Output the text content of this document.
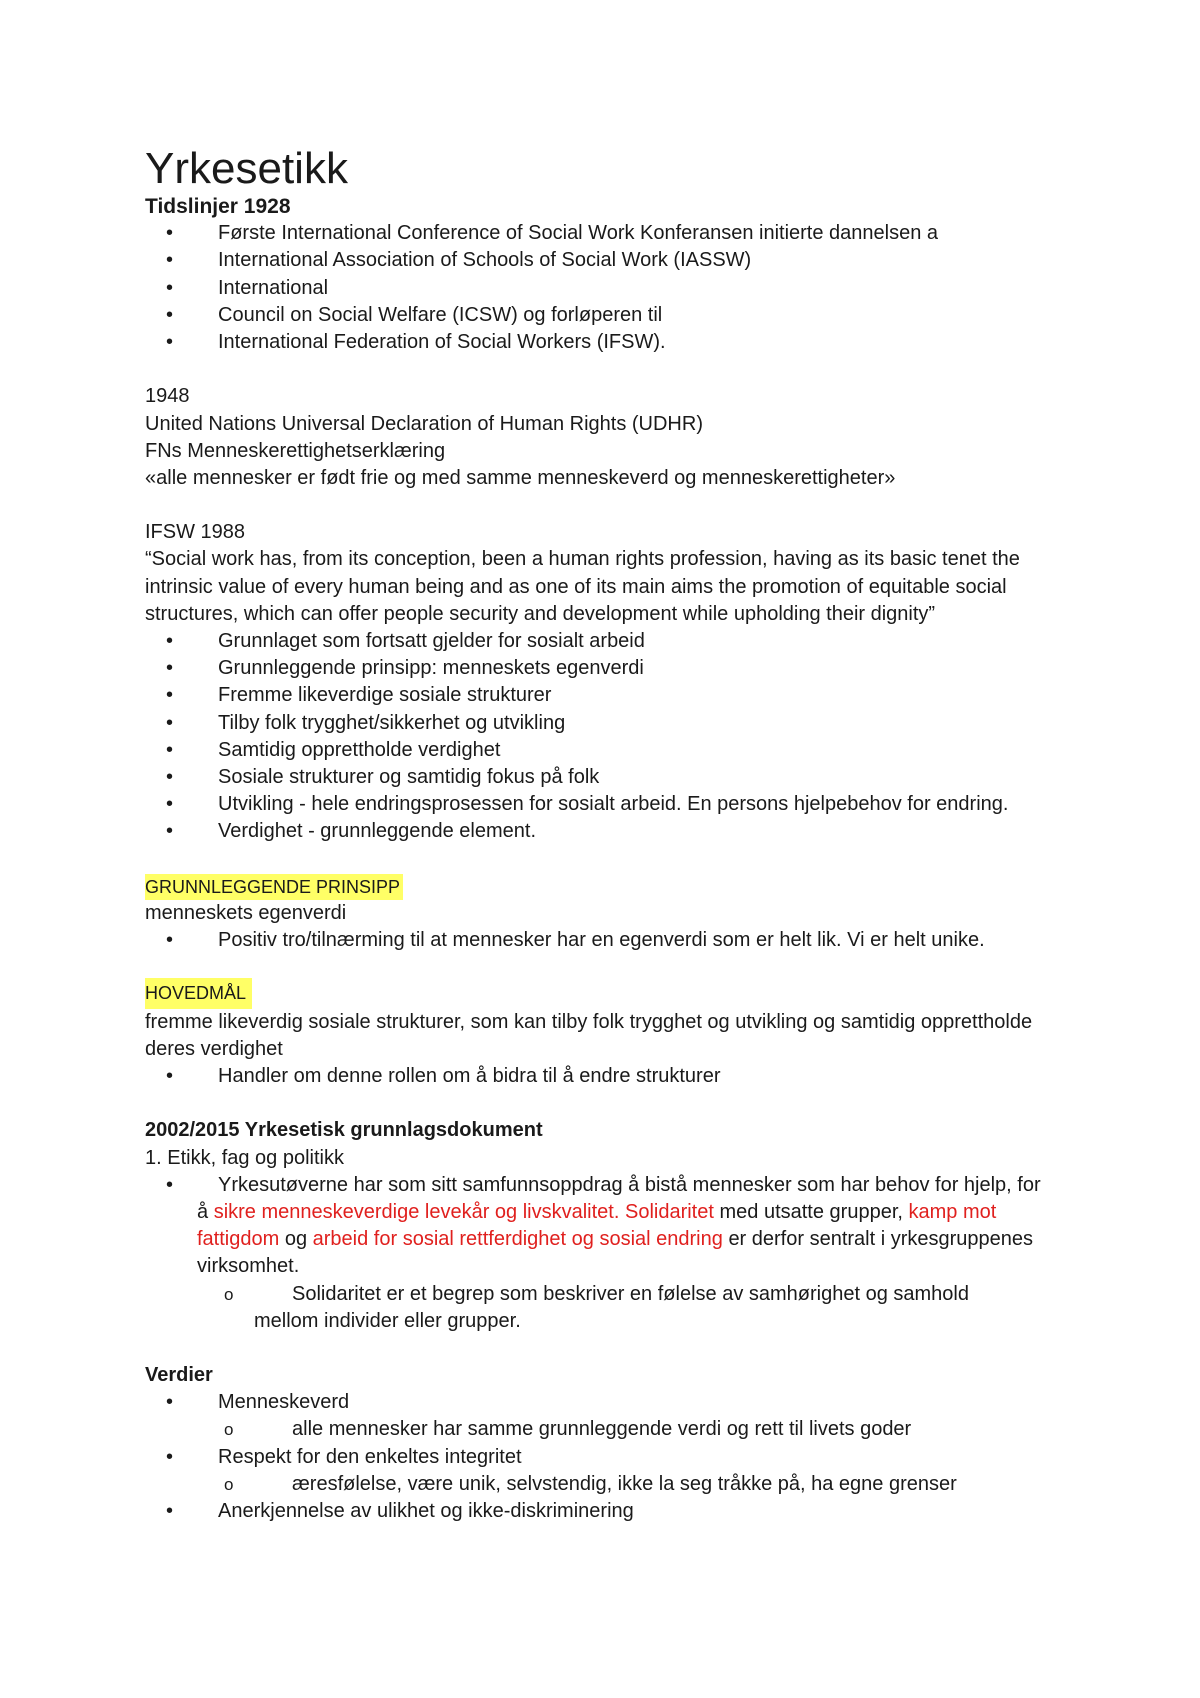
Yrkesetikk
Tidslinjer 1928
• Første International Conference of Social Work Konferansen initierte dannelsen a
• International Association of Schools of Social Work (IASSW)
• International
• Council on Social Welfare (ICSW) og forløperen til
• International Federation of Social Workers (IFSW).
1948
United Nations Universal Declaration of Human Rights (UDHR)
FNs Menneskerettighetserklæring
«alle mennesker er født frie og med samme menneskeverd og menneskerettigheter»
IFSW 1988
“Social work has, from its conception, been a human rights profession, having as its basic tenet the
intrinsic value of every human being and as one of its main aims the promotion of equitable social
structures, which can offer people security and development while upholding their dignity”
• Grunnlaget som fortsatt gjelder for sosialt arbeid
• Grunnleggende prinsipp: menneskets egenverdi
• Fremme likeverdige sosiale strukturer
• Tilby folk trygghet/sikkerhet og utvikling
• Samtidig opprettholde verdighet
• Sosiale strukturer og samtidig fokus på folk
• Utvikling - hele endringsprosessen for sosialt arbeid. En persons hjelpebehov for endring.
• Verdighet - grunnleggende element.
GRUNNLEGGENDE PRINSIPP
menneskets egenverdi
• Positiv tro/tilnærming til at mennesker har en egenverdi som er helt lik. Vi er helt unike.
HOVEDMÅL
fremme likeverdig sosiale strukturer, som kan tilby folk trygghet og utvikling og samtidig opprettholde
deres verdighet
• Handler om denne rollen om å bidra til å endre strukturer
2002/2015 Yrkesetisk grunnlagsdokument
1. Etikk, fag og politikk
• Yrkesutøverne har som sitt samfunnsoppdrag å bistå mennesker som har behov for hjelp, for
å sikre menneskeverdige levekår og livskvalitet. Solidaritet med utsatte grupper, kamp mot
fattigdom og arbeid for sosial rettferdighet og sosial endring er derfor sentralt i yrkesgruppenes
virksomhet.
o	Solidaritet er et begrep som beskriver en følelse av samhørighet og samhold
mellom individer eller grupper.
Verdier
• Menneskeverd
o	alle mennesker har samme grunnleggende verdi og rett til livets goder
• Respekt for den enkeltes integritet
o	æresfølelse, være unik, selvstendig, ikke la seg tråkke på, ha egne grenser
• Anerkjennelse av ulikhet og ikke-diskriminering
